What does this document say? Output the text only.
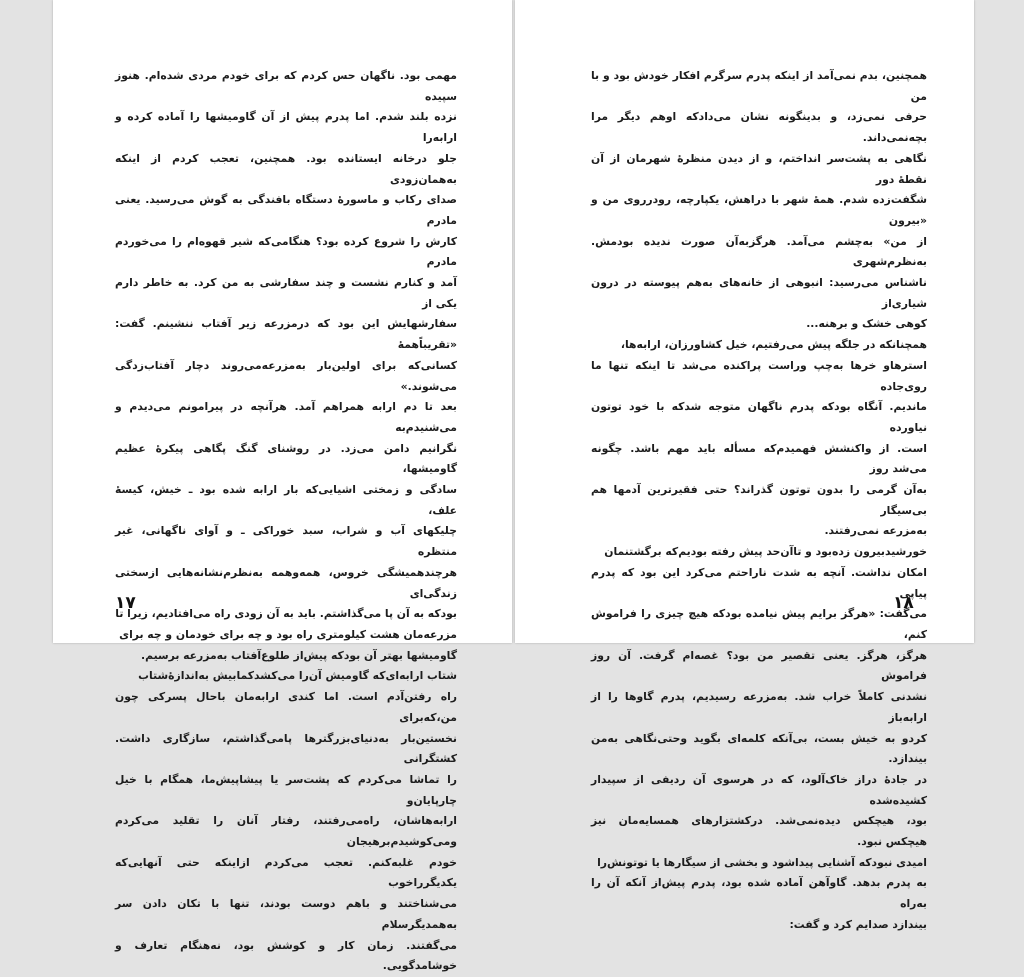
مهمی بود. ناگهان حس کردم که برای خودم مردی شده‌ام. هنوز سپیده

نزده بلند شدم. اما پدرم پیش از آن گاومیشها را آماده کرده و ارابه‌را

جلو درخانه ایستانده بود. همچنین، تعجب کردم از اینکه به‌همان‌زودی

صدای رکاب و ماسورهٔ دستگاه بافندگی به گوش می‌رسید. یعنی مادرم

کارش را شروع کرده بود؟ هنگامی‌که شیر قهوه‌ام را می‌خوردم مادرم

آمد و کنارم نشست و چند سفارشی به من کرد. به خاطر دارم یکی از

سفارشهایش این بود که درمزرعه زیر آفتاب ننشینم. گفت: «تقریباً‌همهٔ

کسانی‌که برای اولین‌بار به‌مزرعه‌می‌روند دچار آفتاب‌زدگی می‌شوند.»

بعد تا دم ارابه همراهم آمد. هرآنچه در پیرامونم می‌دیدم و می‌شنیدم‌به

نگرانیم دامن می‌زد. در روشنای گنگ پگاهی پیکرهٔ عظیم گاومیشها،

سادگی و زمختی اشیایی‌که بار ارابه شده بود ـ خیش، کیسهٔ علف،

چلیکهای آب و شراب، سبد خوراکی ـ و آوای ناگهانی، غیر منتظره

هرچندهمیشگی خروس، همه‌وهمه به‌نظرم‌نشانه‌هایی ازسختی زندگی‌ای

بودکه به آن پا می‌گذاشتم. باید به آن زودی راه می‌افتادیم، زیرا تا

مزرعه‌مان هشت کیلومتری راه بود و چه برای خودمان و چه برای

گاومیشها بهتر آن بودکه پیش‌از طلوع‌آفتاب به‌مزرعه برسیم.

شتاب ارابه‌ای‌که گاومیش آن‌را می‌کشد‌کمابیش به‌اندازهٔ‌شتاب

راه رفتن‌آدم است. اما کندی ارابه‌مان باحال پسرکی چون من،که‌برای

نخستین‌بار به‌دنیای‌بزرگترها پامی‌گذاشتم، سازگاری داشت. کشتگرانی

را تماشا می‌کردم که پشت‌سر یا پیشاپیش‌ما، همگام با خیل چارپایان‌و

ارابه‌ها‌شان، راه‌می‌رفتند، رفتار آنان را تقلید می‌کردم ومی‌کوشیدم‌برهیجان

خودم غلبه‌کنم. تعجب می‌کردم ازاینکه حتی آنهایی‌که یکدیگرراخوب

می‌شناختند و باهم دوست بودند، تنها با تکان دادن سر به‌همدیگرسلام

می‌گفتند. زمان کار و کوشش بود، نه‌هنگام تعارف و خوشامدگویی.

۱۷

همچنین، بدم نمی‌آمد از اینکه پدرم سرگرم افکار خودش بود و با من

حرفی نمی‌زد، و بدینگونه نشان می‌دادکه اوهم دیگر مرا بچه‌نمی‌داند.

نگاهی به پشت‌سر انداختم، و از دیدن منظرهٔ شهرمان از آن نقطهٔ دور

شگفت‌زده شدم. همهٔ شهر با دراهش، یکپارچه، رودرروی من و «بیرون

از من» به‌چشم می‌آمد. هرگزبه‌آن صورت ندیده بودمش. به‌نظرم‌شهری

ناشناس می‌رسید: انبوهی از خانه‌های به‌هم پیوسته در درون شیاری‌از

کوهی خشک و برهنه...

همچنانکه در جلگه پیش می‌رفتیم، خیل کشاورزان، ارابه‌ها،

استرهاو خرها به‌چپ وراست پراکنده می‌شد تا اینکه تنها ما روی‌جاده

ماندیم. آنگاه بودکه پدرم ناگهان متوجه شدکه با خود توتون نیاورده

است. از واکنشش فهمیدم‌که مسأله باید مهم باشد. چگونه می‌شد روز

به‌آن گرمی را بدون توتون گذراند؟ حتی فقیرترین آدمها هم بی‌سیگار

به‌مزرعه نمی‌رفتند.

خورشیدبیرون زده‌بود و تاآن‌حد پیش رفته بودیم‌که برگشتنمان

امکان نداشت. آنچه به شدت ناراحتم می‌کرد این بود که پدرم پیاپی

می‌گفت: «هرگز برایم پیش نیامده بودکه هیچ چیزی را فراموش کنم،

هرگز، هرگز. یعنی تقصیر من بود؟ غصه‌ام گرفت. آن روز فراموش

نشدنی کاملاً خراب شد. به‌مزرعه رسیدیم، پدرم گاوها را از ارابه‌باز

کردو به خیش بست، بی‌آنکه کلمه‌ای بگوید وحتی‌نگاهی به‌من بیندازد.

در جادهٔ دراز خاک‌آلود، که در هرسوی آن ردیفی از سپیدار کشیده‌شده

بود، هیچکس دیده‌نمی‌شد. درکشتزارهای همسایه‌مان نیز هیچکس نبود.

امیدی نبودکه آشنایی پیداشود و بخشی از سیگارها یا توتونش‌را

به پدرم بدهد. گاوآهن آماده شده بود، پدرم پیش‌از آنکه آن را به‌راه

بیندازد صدایم کرد و گفت:

۱۸
